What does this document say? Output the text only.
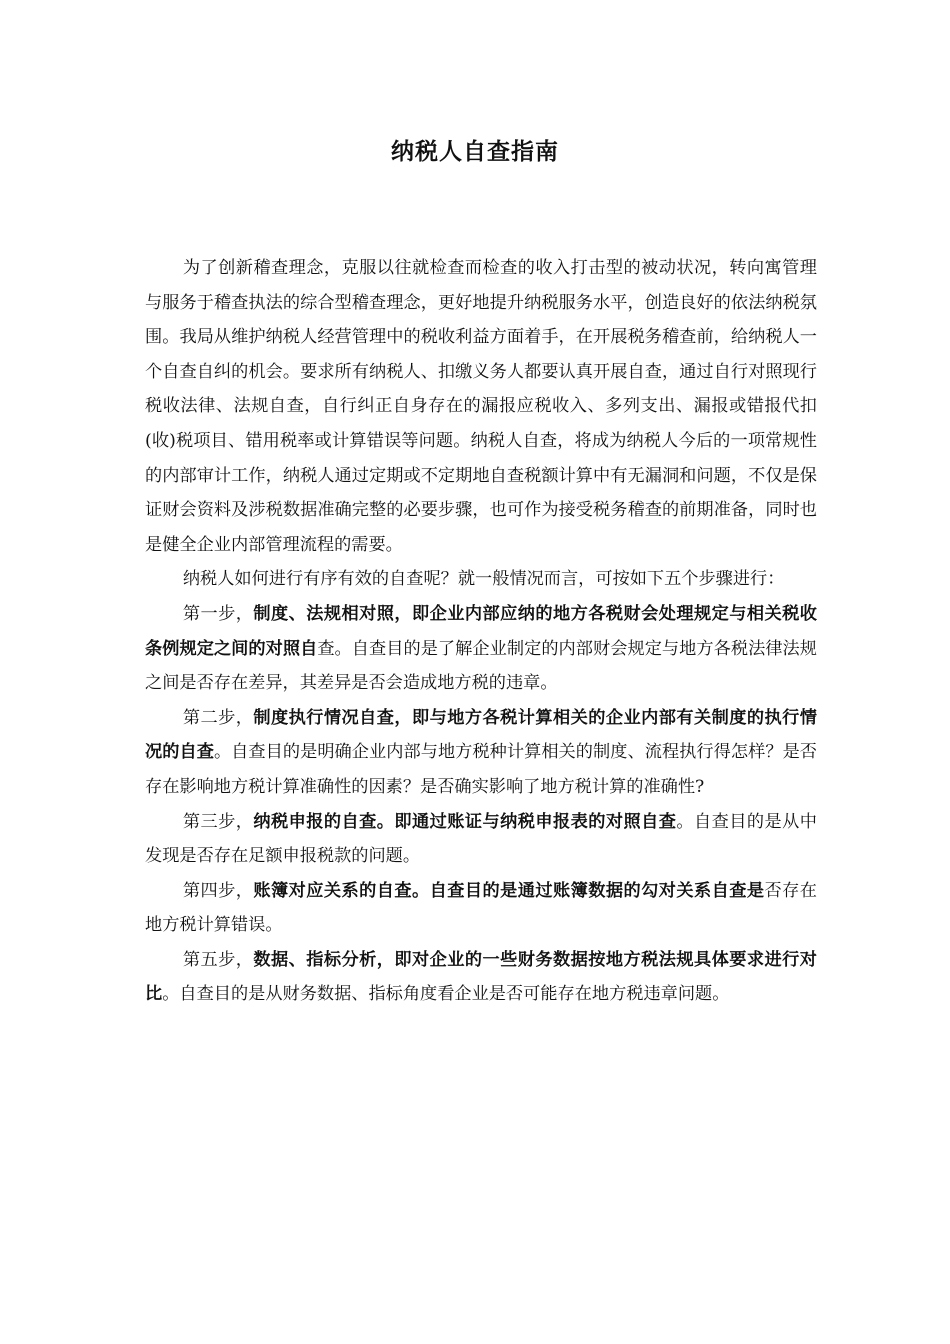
纳税人自查指南

为了创新稽查理念，克服以往就检查而检查的收入打击型的被动状况，转向寓管理与服务于稽查执法的综合型稽查理念，更好地提升纳税服务水平，创造良好的依法纳税氛围。我局从维护纳税人经营管理中的税收利益方面着手，在开展税务稽查前，给纳税人一个自查自纠的机会。要求所有纳税人、扣缴义务人都要认真开展自查，通过自行对照现行税收法律、法规自查，自行纠正自身存在的漏报应税收入、多列支出、漏报或错报代扣(收)税项目、错用税率或计算错误等问题。纳税人自查，将成为纳税人今后的一项常规性的内部审计工作，纳税人通过定期或不定期地自查税额计算中有无漏洞和问题，不仅是保证财会资料及涉税数据准确完整的必要步骤，也可作为接受税务稽查的前期准备，同时也是健全企业内部管理流程的需要。

纳税人如何进行有序有效的自查呢？就一般情况而言，可按如下五个步骤进行：

第一步，制度、法规相对照，即企业内部应纳的地方各税财会处理规定与相关税收条例规定之间的对照自查。自查目的是了解企业制定的内部财会规定与地方各税法律法规之间是否存在差异，其差异是否会造成地方税的违章。

第二步，制度执行情况自查，即与地方各税计算相关的企业内部有关制度的执行情况的自查。自查目的是明确企业内部与地方税种计算相关的制度、流程执行得怎样？是否存在影响地方税计算准确性的因素？是否确实影响了地方税计算的准确性?

第三步，纳税申报的自查。即通过账证与纳税申报表的对照自查。自查目的是从中发现是否存在足额申报税款的问题。

第四步，账簿对应关系的自查。自查目的是通过账簿数据的勾对关系自查是否存在地方税计算错误。

第五步，数据、指标分析，即对企业的一些财务数据按地方税法规具体要求进行对比。自查目的是从财务数据、指标角度看企业是否可能存在地方税违章问题。
